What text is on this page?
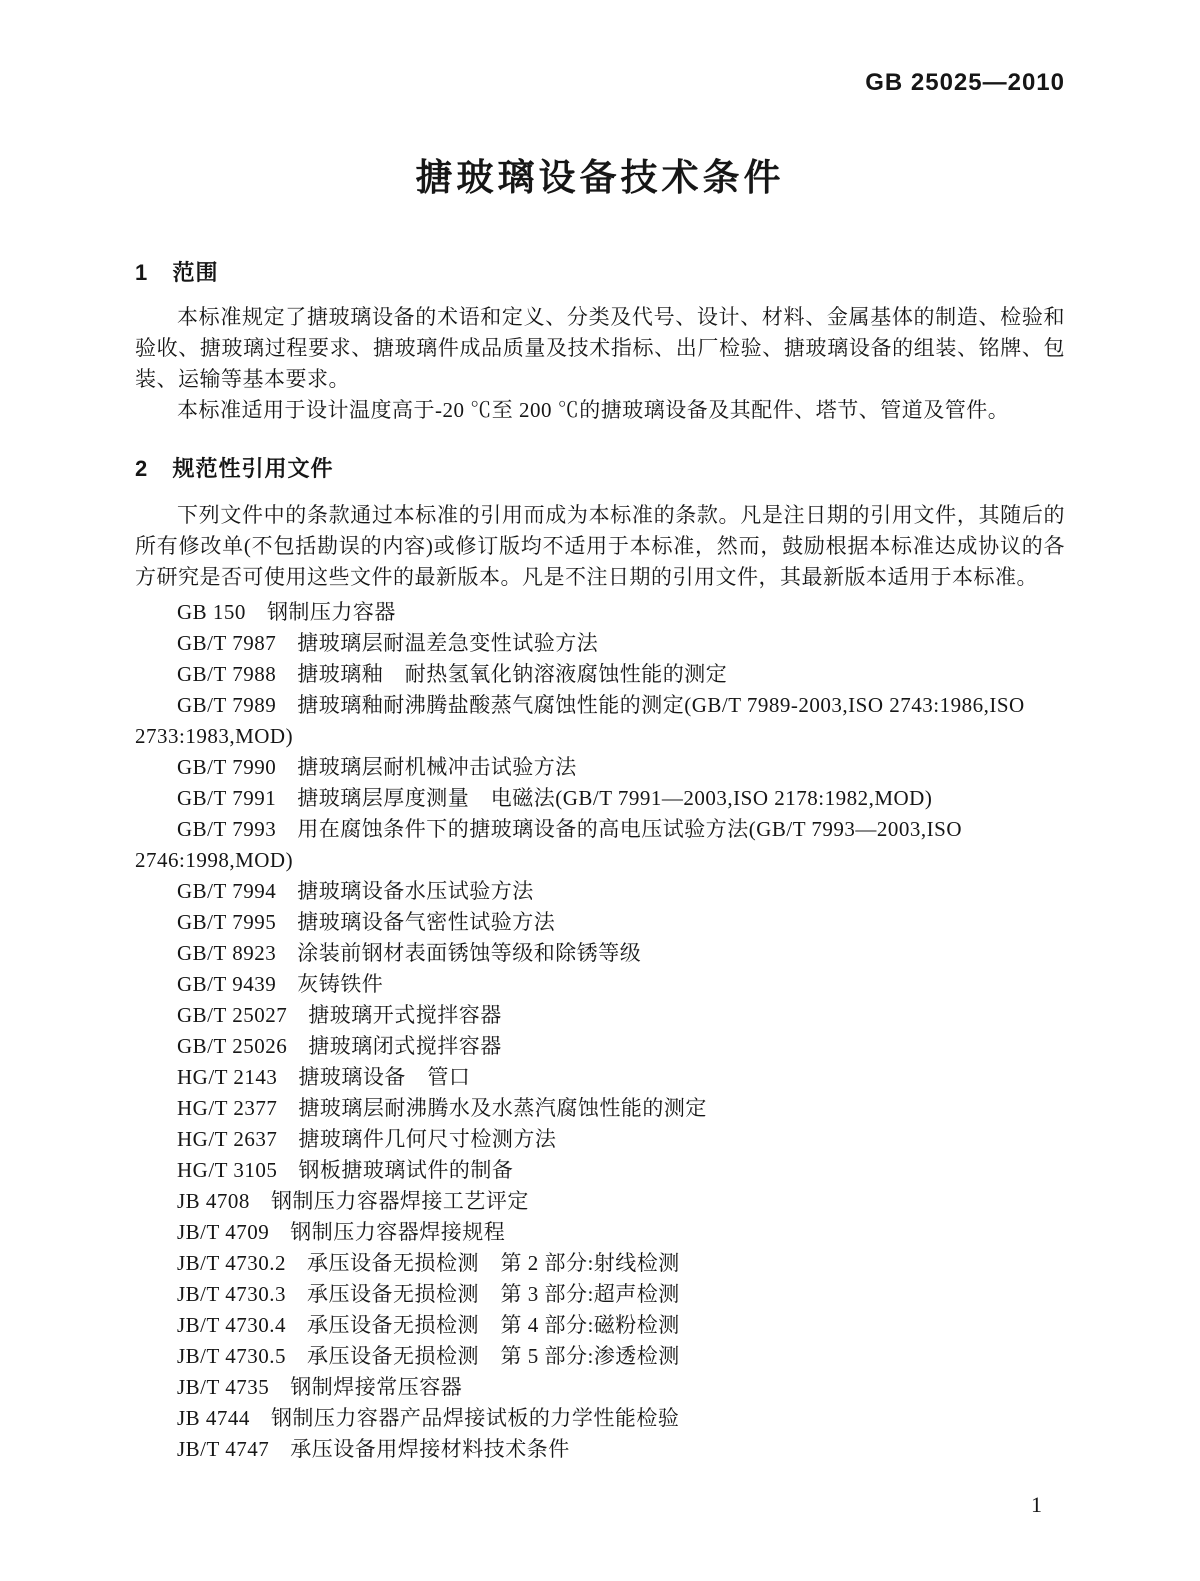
GB 25025—2010
搪玻璃设备技术条件
1 范围

本标准规定了搪玻璃设备的术语和定义、分类及代号、设计、材料、金属基体的制造、检验和验收、搪玻璃过程要求、搪玻璃件成品质量及技术指标、出厂检验、搪玻璃设备的组装、铭牌、包装、运输等基本要求。

本标准适用于设计温度高于-20 ℃至 200 ℃的搪玻璃设备及其配件、塔节、管道及管件。

2 规范性引用文件

下列文件中的条款通过本标准的引用而成为本标准的条款。凡是注日期的引用文件，其随后的所有修改单(不包括勘误的内容)或修订版均不适用于本标准，然而，鼓励根据本标准达成协议的各方研究是否可使用这些文件的最新版本。凡是不注日期的引用文件，其最新版本适用于本标准。

GB 150 钢制压力容器
GB/T 7987 搪玻璃层耐温差急变性试验方法
GB/T 7988 搪玻璃釉　耐热氢氧化钠溶液腐蚀性能的测定
GB/T 7989 搪玻璃釉耐沸腾盐酸蒸气腐蚀性能的测定(GB/T 7989-2003,ISO 2743:1986,ISO 2733:1983,MOD)
GB/T 7990 搪玻璃层耐机械冲击试验方法
GB/T 7991 搪玻璃层厚度测量　电磁法(GB/T 7991—2003,ISO 2178:1982,MOD)
GB/T 7993 用在腐蚀条件下的搪玻璃设备的高电压试验方法(GB/T 7993—2003,ISO 2746:1998,MOD)
GB/T 7994 搪玻璃设备水压试验方法
GB/T 7995 搪玻璃设备气密性试验方法
GB/T 8923 涂装前钢材表面锈蚀等级和除锈等级
GB/T 9439 灰铸铁件
GB/T 25027 搪玻璃开式搅拌容器
GB/T 25026 搪玻璃闭式搅拌容器
HG/T 2143 搪玻璃设备　管口
HG/T 2377 搪玻璃层耐沸腾水及水蒸汽腐蚀性能的测定
HG/T 2637 搪玻璃件几何尺寸检测方法
HG/T 3105 钢板搪玻璃试件的制备
JB 4708 钢制压力容器焊接工艺评定
JB/T 4709 钢制压力容器焊接规程
JB/T 4730.2 承压设备无损检测　第 2 部分:射线检测
JB/T 4730.3 承压设备无损检测　第 3 部分:超声检测
JB/T 4730.4 承压设备无损检测　第 4 部分:磁粉检测
JB/T 4730.5 承压设备无损检测　第 5 部分:渗透检测
JB/T 4735 钢制焊接常压容器
JB 4744 钢制压力容器产品焊接试板的力学性能检验
JB/T 4747 承压设备用焊接材料技术条件
1
